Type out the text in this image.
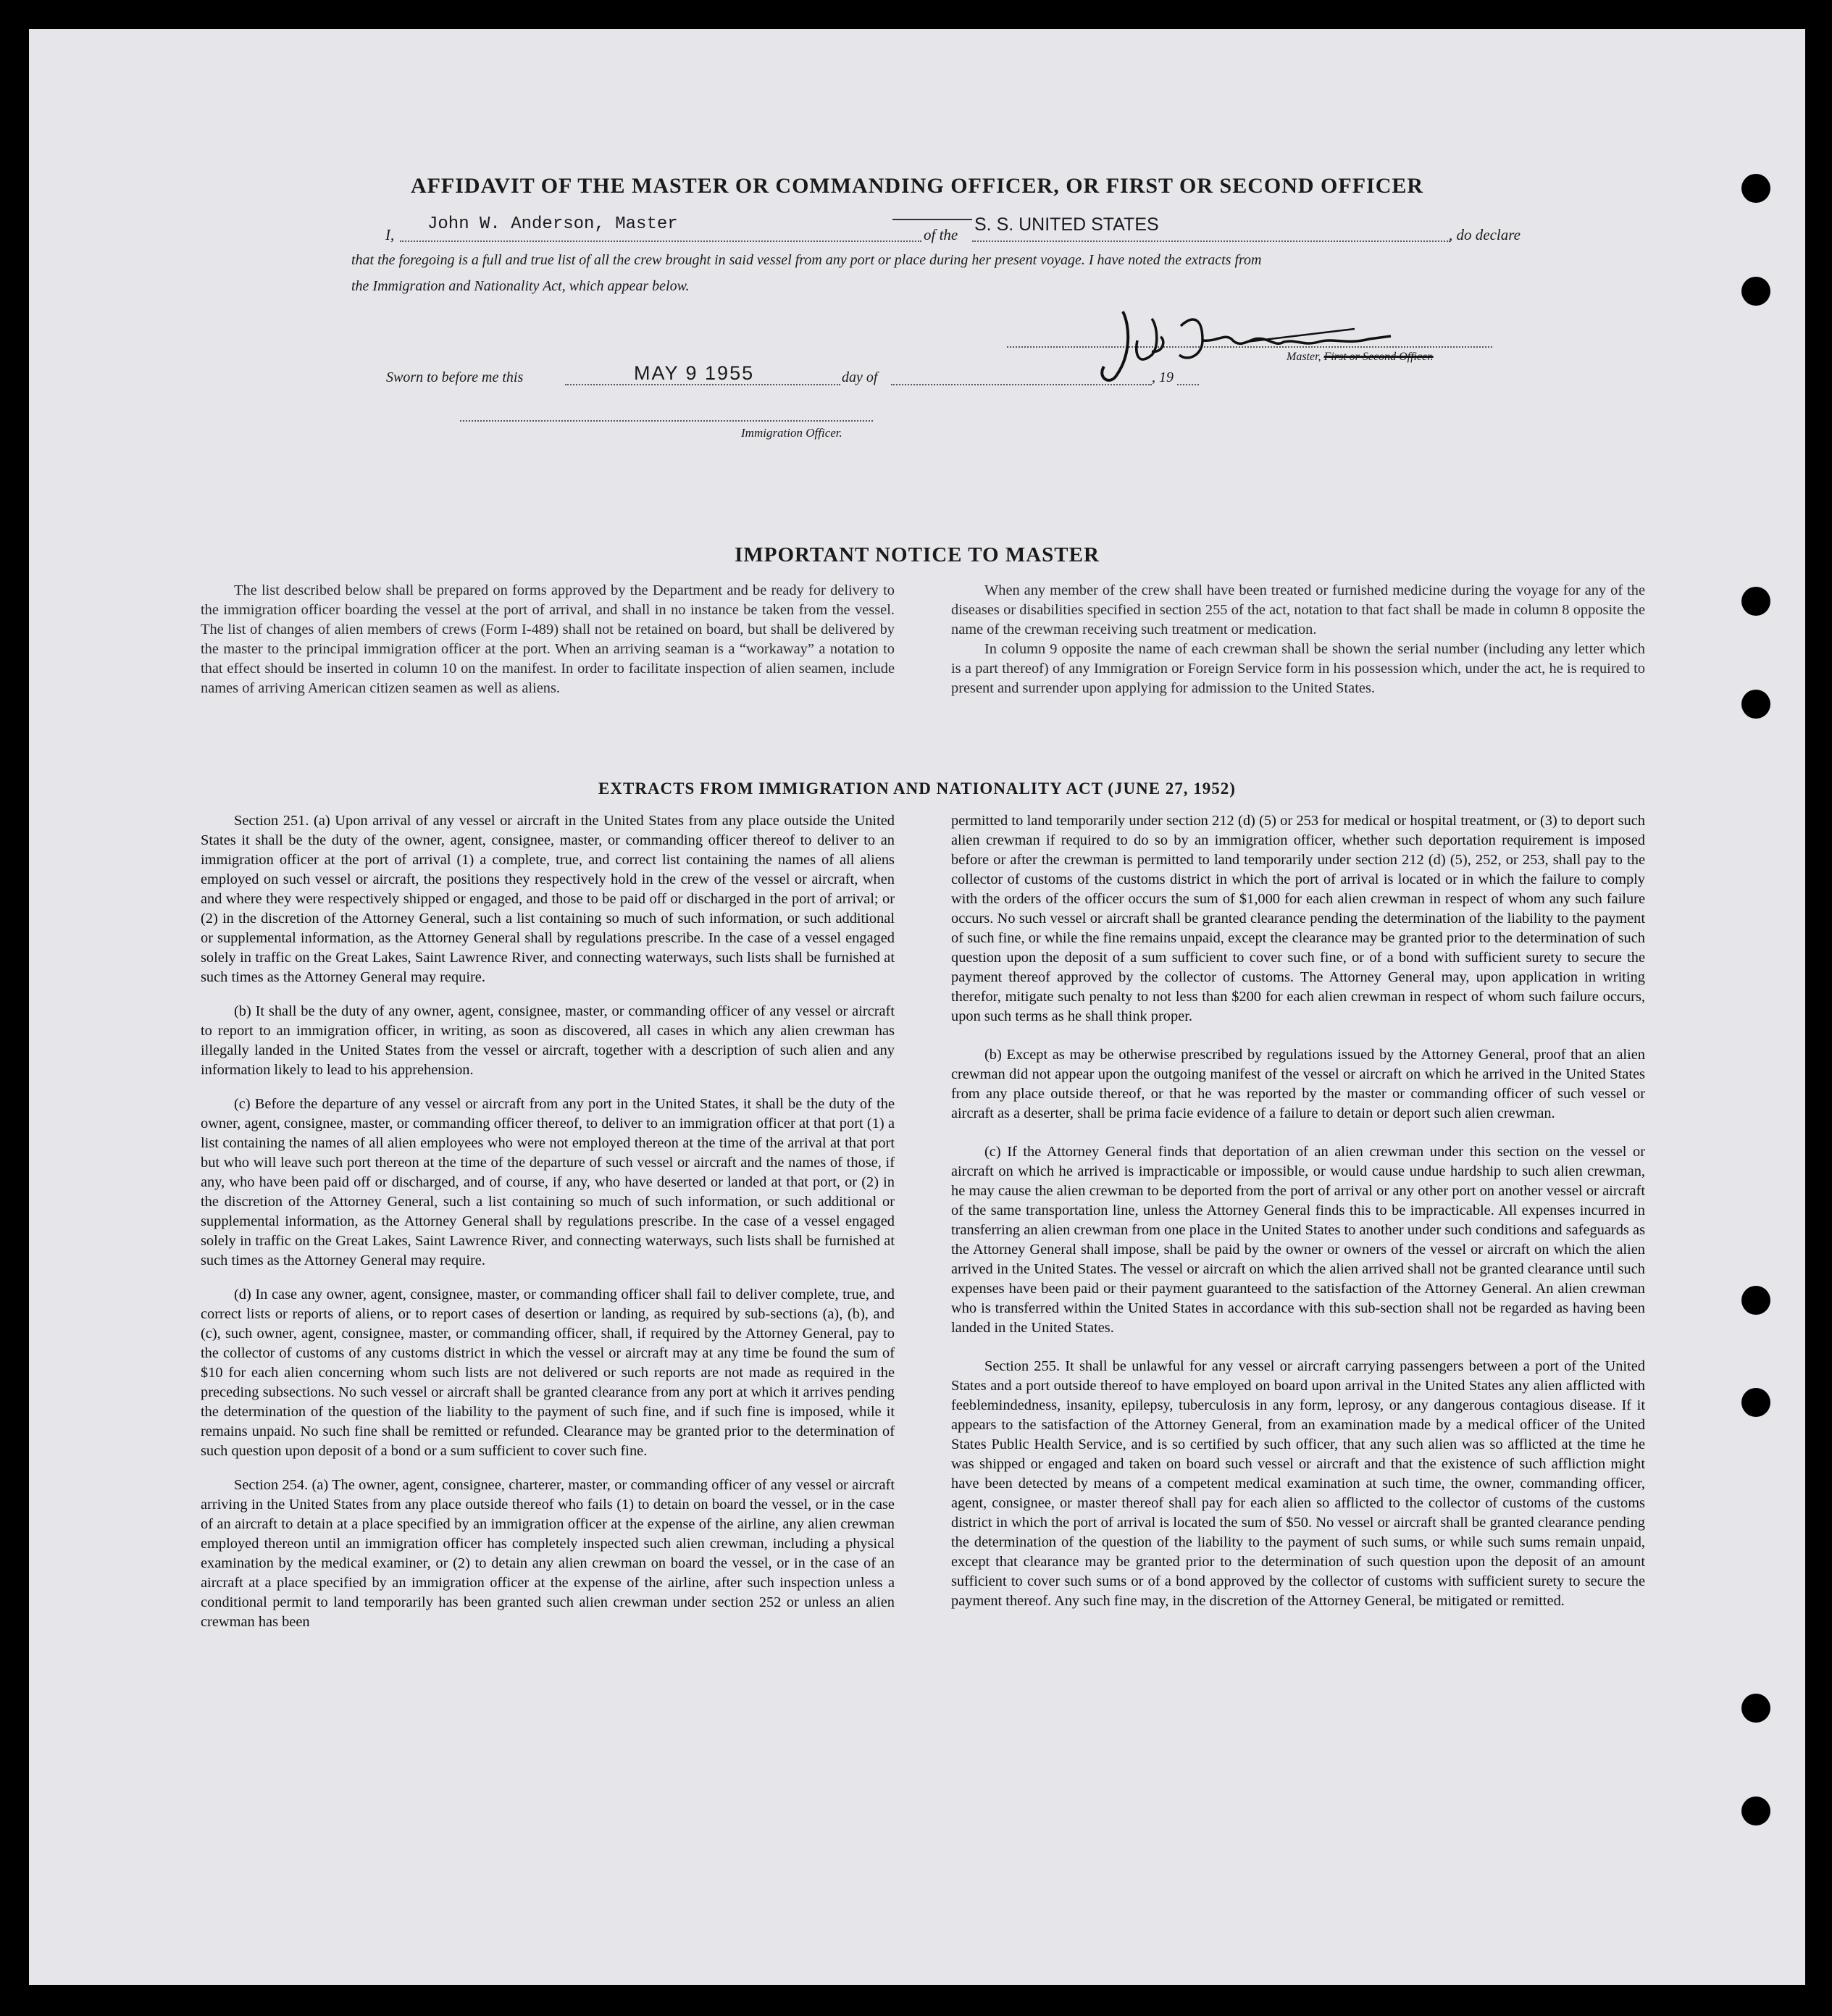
AFFIDAVIT OF THE MASTER OR COMMANDING OFFICER, OR FIRST OR SECOND OFFICER
I,
John W. Anderson, Master
of the S. S. UNITED STATES	, do declare
that the foregoing is a full and true list of all the crew brought in said vessel from any port or place during her present voyage. I have noted the extracts from
the Immigration and Nationality Act, which appear below.
Master, First or Second Officer.
Sworn to before me this	MAY 9 1955	day of	, 19
Immigration Officer.
IMPORTANT NOTICE TO MASTER

The list described below shall be prepared on forms approved by the Department and be ready for delivery to the immigration officer boarding the vessel at the port of arrival, and shall in no instance be taken from the vessel. The list of changes of alien members of crews (Form I-489) shall not be retained on board, but shall be delivered by the master to the principal immigration officer at the port. When an arriving seaman is a “workaway” a notation to that effect should be inserted in column 10 on the manifest. In order to facilitate inspection of alien seamen, include names of arriving American citizen seamen as well as aliens.

When any member of the crew shall have been treated or furnished medicine during the voyage for any of the diseases or disabilities specified in section 255 of the act, notation to that fact shall be made in column 8 opposite the name of the crewman receiving such treatment or medication.

In column 9 opposite the name of each crewman shall be shown the serial number (including any letter which is a part thereof) of any Immigration or Foreign Service form in his possession which, under the act, he is required to present and surrender upon applying for admission to the United States.

EXTRACTS FROM IMMIGRATION AND NATIONALITY ACT (JUNE 27, 1952)

Section 251. (a) Upon arrival of any vessel or aircraft in the United States from any place outside the United States it shall be the duty of the owner, agent, consignee, master, or commanding officer thereof to deliver to an immigration officer at the port of arrival (1) a complete, true, and correct list containing the names of all aliens employed on such vessel or aircraft, the positions they respectively hold in the crew of the vessel or aircraft, when and where they were respectively shipped or engaged, and those to be paid off or discharged in the port of arrival; or (2) in the discretion of the Attorney General, such a list containing so much of such information, or such additional or supplemental information, as the Attorney General shall by regulations prescribe. In the case of a vessel engaged solely in traffic on the Great Lakes, Saint Lawrence River, and connecting waterways, such lists shall be furnished at such times as the Attorney General may require.

(b) It shall be the duty of any owner, agent, consignee, master, or commanding officer of any vessel or aircraft to report to an immigration officer, in writing, as soon as discovered, all cases in which any alien crewman has illegally landed in the United States from the vessel or aircraft, together with a description of such alien and any information likely to lead to his apprehension.

(c) Before the departure of any vessel or aircraft from any port in the United States, it shall be the duty of the owner, agent, consignee, master, or commanding officer thereof, to deliver to an immigration officer at that port (1) a list containing the names of all alien employees who were not employed thereon at the time of the arrival at that port but who will leave such port thereon at the time of the departure of such vessel or aircraft and the names of those, if any, who have been paid off or discharged, and of course, if any, who have deserted or landed at that port, or (2) in the discretion of the Attorney General, such a list containing so much of such information, or such additional or supplemental information, as the Attorney General shall by regulations prescribe. In the case of a vessel engaged solely in traffic on the Great Lakes, Saint Lawrence River, and connecting waterways, such lists shall be furnished at such times as the Attorney General may require.

(d) In case any owner, agent, consignee, master, or commanding officer shall fail to deliver complete, true, and correct lists or reports of aliens, or to report cases of desertion or landing, as required by sub-sections (a), (b), and (c), such owner, agent, consignee, master, or commanding officer, shall, if required by the Attorney General, pay to the collector of customs of any customs district in which the vessel or aircraft may at any time be found the sum of $10 for each alien concerning whom such lists are not delivered or such reports are not made as required in the preceding subsections. No such vessel or aircraft shall be granted clearance from any port at which it arrives pending the determination of the question of the liability to the payment of such fine, and if such fine is imposed, while it remains unpaid. No such fine shall be remitted or refunded. Clearance may be granted prior to the determination of such question upon deposit of a bond or a sum sufficient to cover such fine.

Section 254. (a) The owner, agent, consignee, charterer, master, or commanding officer of any vessel or aircraft arriving in the United States from any place outside thereof who fails (1) to detain on board the vessel, or in the case of an aircraft to detain at a place specified by an immigration officer at the expense of the airline, any alien crewman employed thereon until an immigration officer has completely inspected such alien crewman, including a physical examination by the medical examiner, or (2) to detain any alien crewman on board the vessel, or in the case of an aircraft at a place specified by an immigration officer at the expense of the airline, after such inspection unless a conditional permit to land temporarily has been granted such alien crewman under section 252 or unless an alien crewman has been

permitted to land temporarily under section 212 (d) (5) or 253 for medical or hospital treatment, or (3) to deport such alien crewman if required to do so by an immigration officer, whether such deportation requirement is imposed before or after the crewman is permitted to land temporarily under section 212 (d) (5), 252, or 253, shall pay to the collector of customs of the customs district in which the port of arrival is located or in which the failure to comply with the orders of the officer occurs the sum of $1,000 for each alien crewman in respect of whom any such failure occurs. No such vessel or aircraft shall be granted clearance pending the determination of the liability to the payment of such fine, or while the fine remains unpaid, except the clearance may be granted prior to the determination of such question upon the deposit of a sum sufficient to cover such fine, or of a bond with sufficient surety to secure the payment thereof approved by the collector of customs. The Attorney General may, upon application in writing therefor, mitigate such penalty to not less than $200 for each alien crewman in respect of whom such failure occurs, upon such terms as he shall think proper.

(b) Except as may be otherwise prescribed by regulations issued by the Attorney General, proof that an alien crewman did not appear upon the outgoing manifest of the vessel or aircraft on which he arrived in the United States from any place outside thereof, or that he was reported by the master or commanding officer of such vessel or aircraft as a deserter, shall be prima facie evidence of a failure to detain or deport such alien crewman.

(c) If the Attorney General finds that deportation of an alien crewman under this section on the vessel or aircraft on which he arrived is impracticable or impossible, or would cause undue hardship to such alien crewman, he may cause the alien crewman to be deported from the port of arrival or any other port on another vessel or aircraft of the same transportation line, unless the Attorney General finds this to be impracticable. All expenses incurred in transferring an alien crewman from one place in the United States to another under such conditions and safeguards as the Attorney General shall impose, shall be paid by the owner or owners of the vessel or aircraft on which the alien arrived in the United States. The vessel or aircraft on which the alien arrived shall not be granted clearance until such expenses have been paid or their payment guaranteed to the satisfaction of the Attorney General. An alien crewman who is transferred within the United States in accordance with this sub-section shall not be regarded as having been landed in the United States.

Section 255. It shall be unlawful for any vessel or aircraft carrying passengers between a port of the United States and a port outside thereof to have employed on board upon arrival in the United States any alien afflicted with feeblemindedness, insanity, epilepsy, tuberculosis in any form, leprosy, or any dangerous contagious disease. If it appears to the satisfaction of the Attorney General, from an examination made by a medical officer of the United States Public Health Service, and is so certified by such officer, that any such alien was so afflicted at the time he was shipped or engaged and taken on board such vessel or aircraft and that the existence of such affliction might have been detected by means of a competent medical examination at such time, the owner, commanding officer, agent, consignee, or master thereof shall pay for each alien so afflicted to the collector of customs of the customs district in which the port of arrival is located the sum of $50. No vessel or aircraft shall be granted clearance pending the determination of the question of the liability to the payment of such sums, or while such sums remain unpaid, except that clearance may be granted prior to the determination of such question upon the deposit of an amount sufficient to cover such sums or of a bond approved by the collector of customs with sufficient surety to secure the payment thereof. Any such fine may, in the discretion of the Attorney General, be mitigated or remitted.
